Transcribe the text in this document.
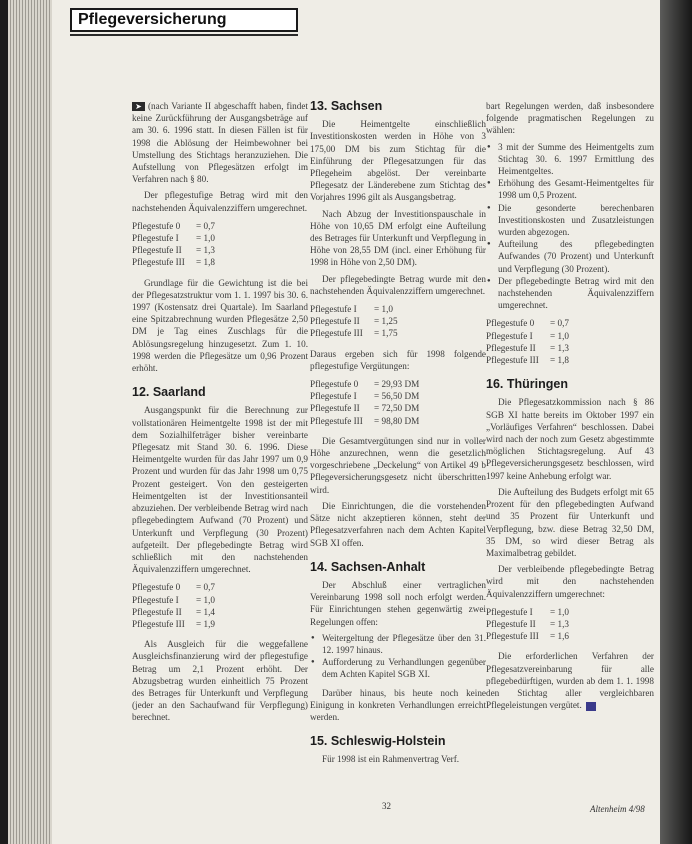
Pflegeversicherung

➤ (nach Variante II abgeschafft haben, findet keine Zurückführung der Ausgangsbeträge auf am 30. 6. 1996 statt. In diesen Fällen ist für 1998 die Ablösung der Heimbewohner bei Umstellung des Stichtags heranzuziehen. Die Aufstellung von Pflegesätzen erfolgt im Verfahren nach § 80.

Der pflegestufige Betrag wird mit den nachstehenden Äquivalenzziffern umgerechnet.

Pflegestufe 0 = 0,7
Pflegestufe I = 1,0
Pflegestufe II = 1,3
Pflegestufe III = 1,8

Grundlage für die Gewichtung ist die bei der Pflegesatzstruktur vom 1. 1. 1997 bis 30. 6. 1997 (Kostensatz drei Quartale). Im Saarland eine Spitzabrechnung wurden Pflegesätze 2,50 DM je Tag eines Zuschlags für die Ablösungsregelung hinzugesetzt. Zum 1. 10. 1998 werden die Pflegesätze um 0,96 Prozent erhöht.

12. Saarland

Ausgangspunkt für die Berechnung zur vollstationären Heimentgelte 1998 ist der mit dem Sozialhilfeträger bisher vereinbarte Pflegesatz mit Stand 30. 6. 1996. Diese Heimentgelte wurden für das Jahr 1997 um 0,9 Prozent und wurden für das Jahr 1998 um 0,75 Prozent gesteigert. Von den gesteigerten Heimentgelten ist der Investitionsanteil abzuziehen. Der verbleibende Betrag wird nach pflegebedingtem Aufwand (70 Prozent) und Unterkunft und Verpflegung (30 Prozent) aufgeteilt. Der pflegebedingte Betrag wird schließlich mit den nachstehenden Äquivalenzziffern umgerechnet.

Pflegestufe 0 = 0,7
Pflegestufe I = 1,0
Pflegestufe II = 1,4
Pflegestufe III = 1,9

Als Ausgleich für die weggefallene Ausgleichsfinanzierung wird der pflegestufige Betrag um 2,1 Prozent erhöht. Der Abzugsbetrag wurden einheitlich 75 Prozent des Betrages für Unterkunft und Verpflegung (jeder an den Sachaufwand für Verpflegung) berechnet.

13. Sachsen

Die Heimentgelte einschließlich Investitionskosten werden in Höhe von 3 175,00 DM bis zum Stichtag für die Einführung der Pflegesatzungen für das Pflegeheim abgelöst. Der vereinbarte Pflegesatz der Länderebene zum Stichtag des Vorjahres 1996 gilt als Ausgangsbetrag.

Nach Abzug der Investitionspauschale in Höhe von 10,65 DM erfolgt eine Aufteilung des Betrages für Unterkunft und Verpflegung in Höhe von 28,55 DM (incl. einer Erhöhung für 1998 in Höhe von 2,50 DM).

Der pflegebedingte Betrag wurde mit den nachstehenden Äquivalenzziffern umgerechnet.

Pflegestufe I = 1,0
Pflegestufe II = 1,25
Pflegestufe III = 1,75

Daraus ergeben sich für 1998 folgende pflegestufige Vergütungen:

Pflegestufe 0 = 29,93 DM
Pflegestufe I = 56,50 DM
Pflegestufe II = 72,50 DM
Pflegestufe III = 98,80 DM

Die Gesamtvergütungen sind nur in voller Höhe anzurechnen, wenn die gesetzlich vorgeschriebene „Deckelung“ von Artikel 49 b Pflegeversicherungsgesetz nicht überschritten wird.

Die Einrichtungen, die die vorstehenden Sätze nicht akzeptieren können, steht der Pflegesatzverfahren nach dem Achten Kapitel SGB XI offen.

14. Sachsen-Anhalt

Der Abschluß einer vertraglichen Vereinbarung 1998 soll noch erfolgt werden. Für Einrichtungen stehen gegenwärtig zwei Regelungen offen:

● Weitergeltung der Pflegesätze über den 31. 12. 1997 hinaus.
● Aufforderung zu Verhandlungen gegenüber dem Achten Kapitel SGB XI.

Darüber hinaus, bis heute noch keine Einigung in konkreten Verhandlungen erreicht werden.

15. Schleswig-Holstein

Für 1998 ist ein Rahmenvertrag Verf.

bart Regelungen werden, daß insbesondere folgende pragmatischen Regelungen zu wählen:

● 3 mit der Summe des Heimentgelts zum Stichtag 30. 6. 1997 Ermittlung des Heimentgeltes.
● Erhöhung des Gesamt-Heimentgeltes für 1998 um 0,5 Prozent.
● Die gesonderte berechenbaren Investitionskosten und Zusatzleistungen wurden abgezogen.
● Aufteilung des pflegebedingten Aufwandes (70 Prozent) und Unterkunft und Verpflegung (30 Prozent).
● Der pflegebedingte Betrag wird mit den nachstehenden Äquivalenzziffern umgerechnet.
Pflegestufe 0 = 0,7
Pflegestufe I = 1,0
Pflegestufe II = 1,3
Pflegestufe III = 1,8
16. Thüringen

Die Pflegesatzkommission nach § 86 SGB XI hatte bereits im Oktober 1997 ein „Vorläufiges Verfahren“ beschlossen. Dabei wird nach der noch zum Gesetz abgestimmte möglichen Stichtagsregelung. Auf 43 Pflegeversicherungsgesetz beschlossen, wird 1997 keine Anhebung erfolgt war.

Die Aufteilung des Budgets erfolgt mit 65 Prozent für den pflegebedingten Aufwand und 35 Prozent für Unterkunft und Verpflegung, bzw. diese Betrag 32,50 DM, 35 DM, so wird dieser Betrag als Maximalbetrag gebildet.

Der verbleibende pflegebedingte Betrag wird mit den nachstehenden Äquivalenzziffern umgerechnet:

Pflegestufe I = 1,0
Pflegestufe II = 1,3
Pflegestufe III = 1,6

Die erforderlichen Verfahren der Pflegesatzvereinbarung für alle pflegebedürftigen, wurden ab dem 1. 1. 1998 den Stichtag aller vergleichbaren Pflegeleistungen vergütet.

32	Altenheim 4/98
